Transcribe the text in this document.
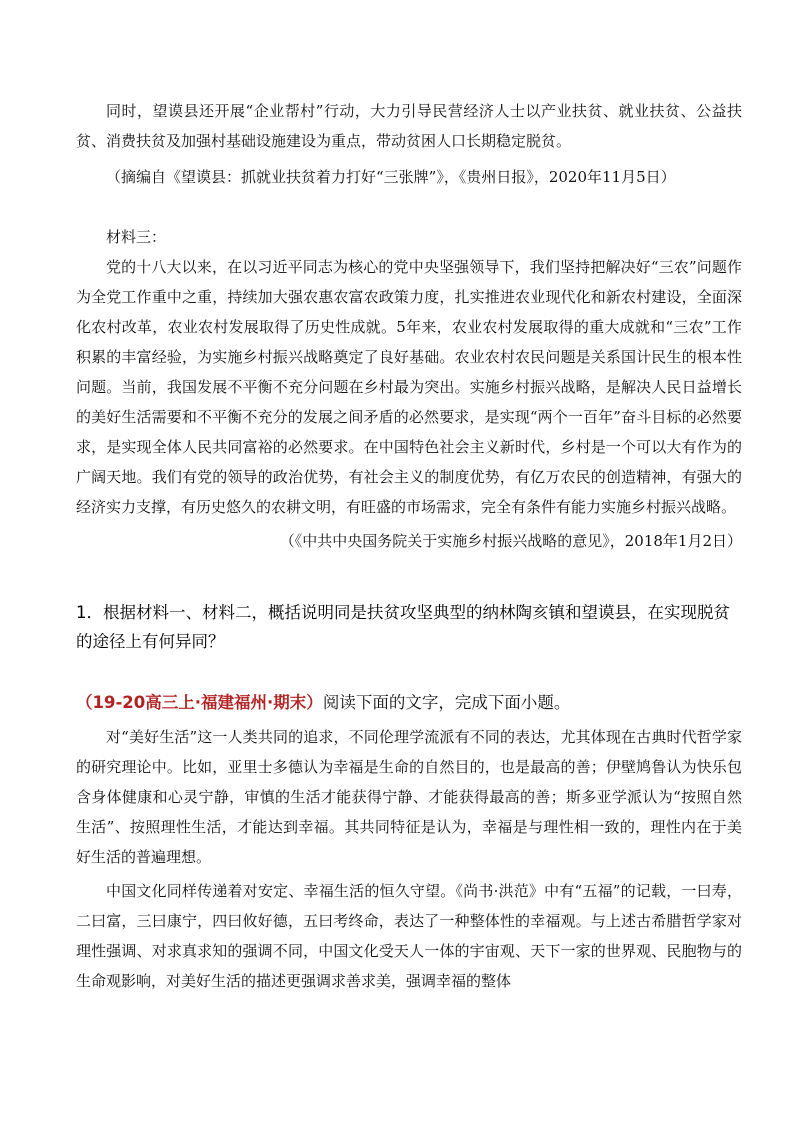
同时，望谟县还开展“企业帮村”行动，大力引导民营经济人士以产业扶贫、就业扶贫、公益扶贫、消费扶贫及加强村基础设施建设为重点，带动贫困人口长期稳定脱贫。

（摘编自《望谟县：抓就业扶贫着力打好“三张牌”》，《贵州日报》，2020年11月5日）

材料三：

党的十八大以来，在以习近平同志为核心的党中央坚强领导下，我们坚持把解决好“三农”问题作为全党工作重中之重，持续加大强农惠农富农政策力度，扎实推进农业现代化和新农村建设，全面深化农村改革，农业农村发展取得了历史性成就。5年来，农业农村发展取得的重大成就和“三农”工作积累的丰富经验，为实施乡村振兴战略奠定了良好基础。农业农村农民问题是关系国计民生的根本性问题。当前，我国发展不平衡不充分问题在乡村最为突出。实施乡村振兴战略，是解决人民日益增长的美好生活需要和不平衡不充分的发展之间矛盾的必然要求，是实现“两个一百年”奋斗目标的必然要求，是实现全体人民共同富裕的必然要求。在中国特色社会主义新时代，乡村是一个可以大有作为的广阔天地。我们有党的领导的政治优势，有社会主义的制度优势，有亿万农民的创造精神，有强大的经济实力支撑，有历史悠久的农耕文明，有旺盛的市场需求，完全有条件有能力实施乡村振兴战略。

（《中共中央国务院关于实施乡村振兴战略的意见》，2018年1月2日）

1．根据材料一、材料二，概括说明同是扶贫攻坚典型的纳林陶亥镇和望谟县，在实现脱贫的途径上有何异同？

（19-20高三上·福建福州·期末）阅读下面的文字，完成下面小题。

对“美好生活”这一人类共同的追求，不同伦理学流派有不同的表达，尤其体现在古典时代哲学家的研究理论中。比如，亚里士多德认为幸福是生命的自然目的，也是最高的善；伊壁鸠鲁认为快乐包含身体健康和心灵宁静，审慎的生活才能获得宁静、才能获得最高的善；斯多亚学派认为“按照自然生活”、按照理性生活，才能达到幸福。其共同特征是认为，幸福是与理性相一致的，理性内在于美好生活的普遍理想。

中国文化同样传递着对安定、幸福生活的恒久守望。《尚书·洪范》中有“五福”的记载，一曰寿，二曰富，三曰康宁，四曰攸好德，五曰考终命，表达了一种整体性的幸福观。与上述古希腊哲学家对理性强调、对求真求知的强调不同，中国文化受天人一体的宇宙观、天下一家的世界观、民胞物与的生命观影响，对美好生活的描述更强调求善求美，强调幸福的整体
